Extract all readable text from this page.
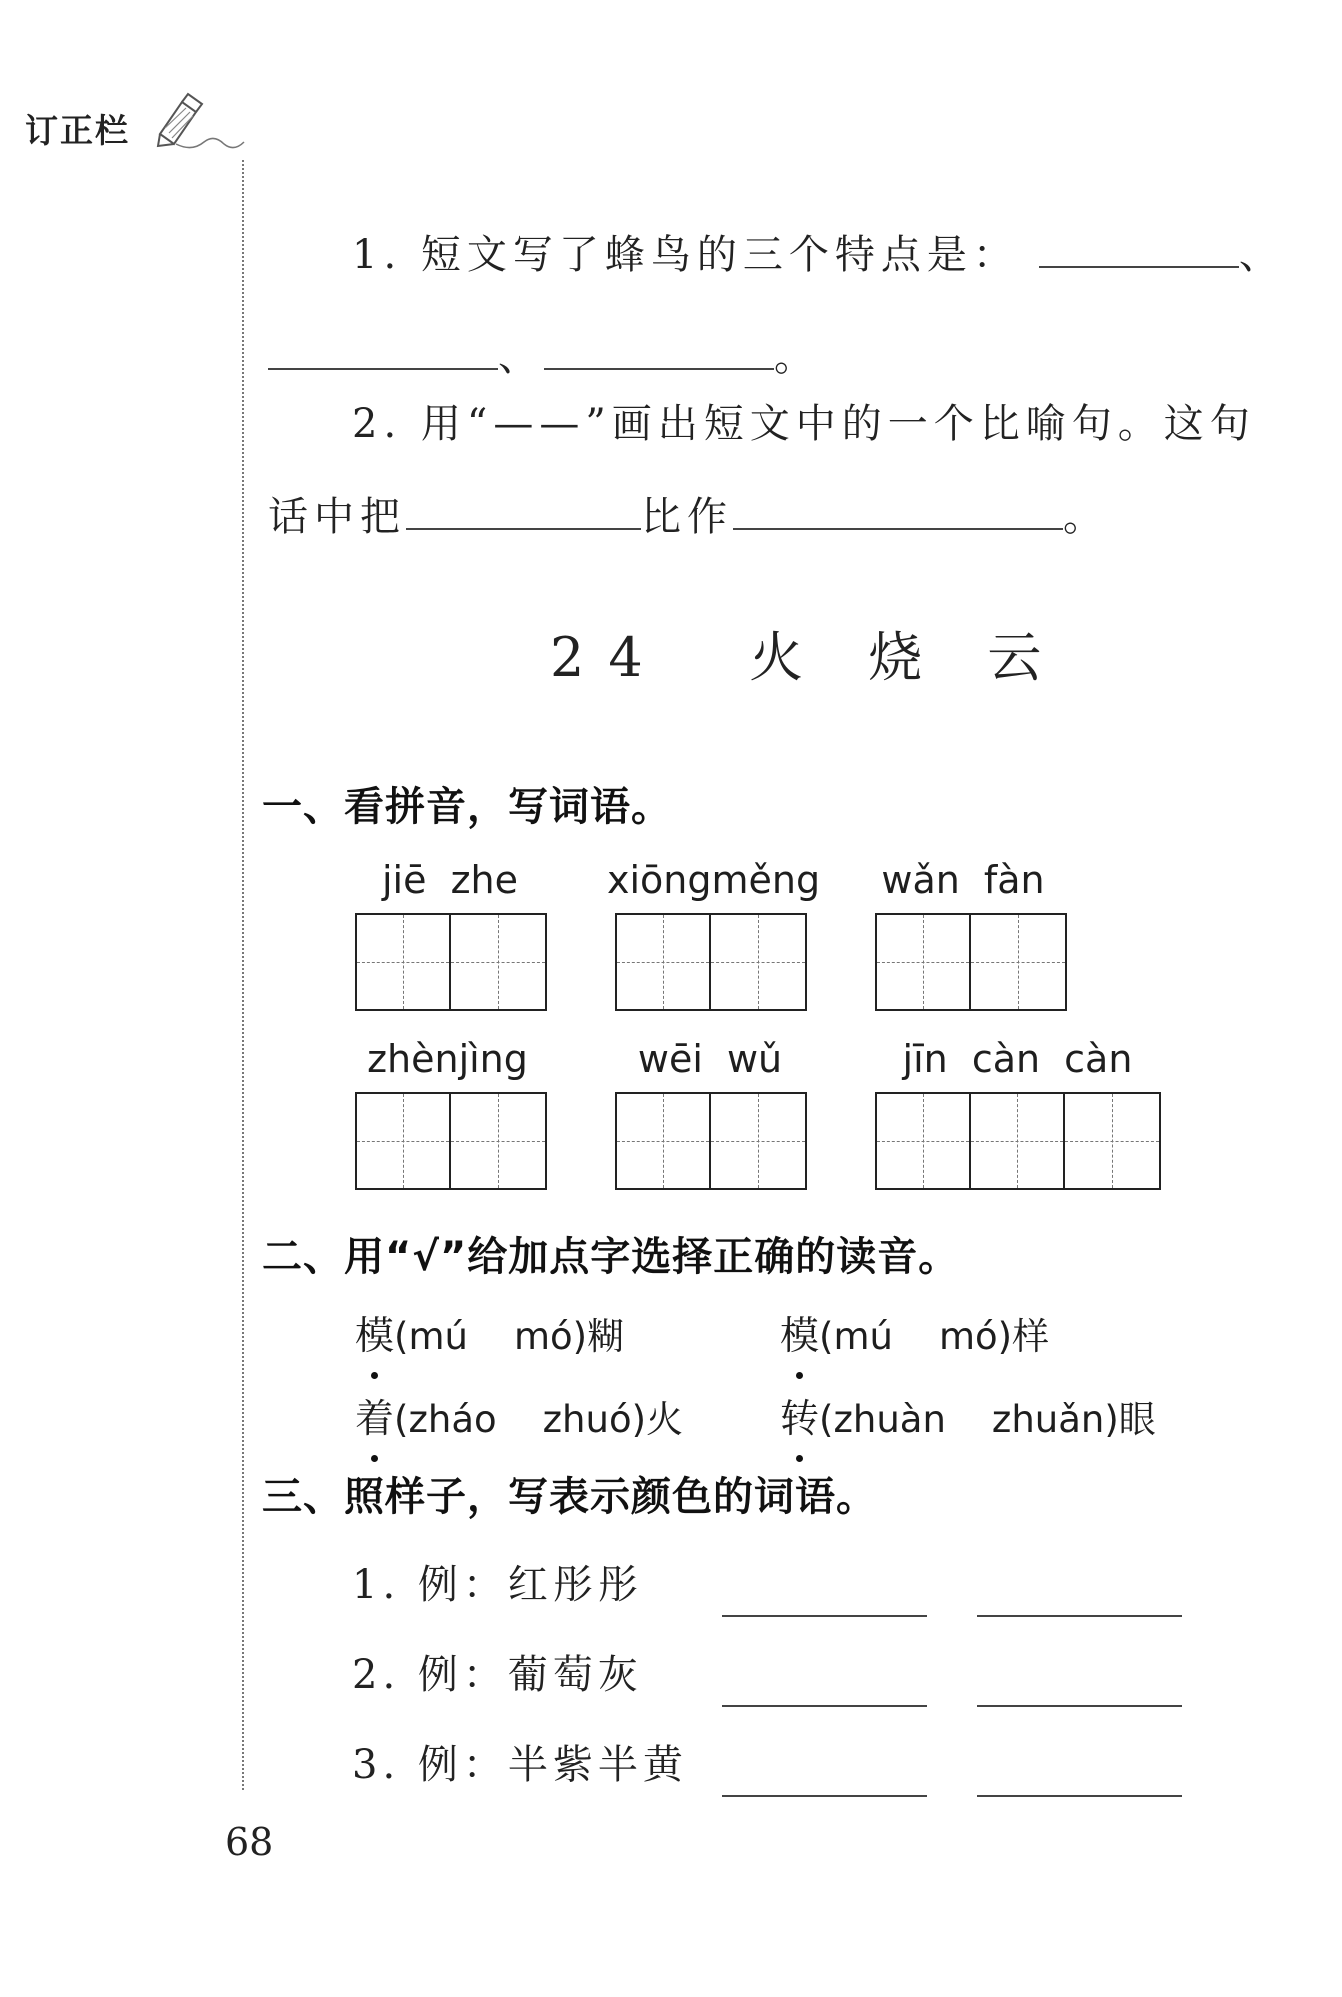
订正栏
1. 短文写了蜂鸟的三个特点是：	、
、	。
2. 用“——”画出短文中的一个比喻句。这句
话中把	比作	。
24 火 烧 云
一、看拼音，写词语。
jiē zhe	xiōngměng	wǎn fàn
zhènjìng	wēi wǔ	jīn càn càn
二、用“√”给加点字选择正确的读音。
模(mú mó)糊	模(mú mó)样
着(zháo zhuó)火 转(zhuàn zhuǎn)眼
三、照样子，写表示颜色的词语。
1. 例：红彤彤
2. 例：葡萄灰
3. 例：半紫半黄
68
